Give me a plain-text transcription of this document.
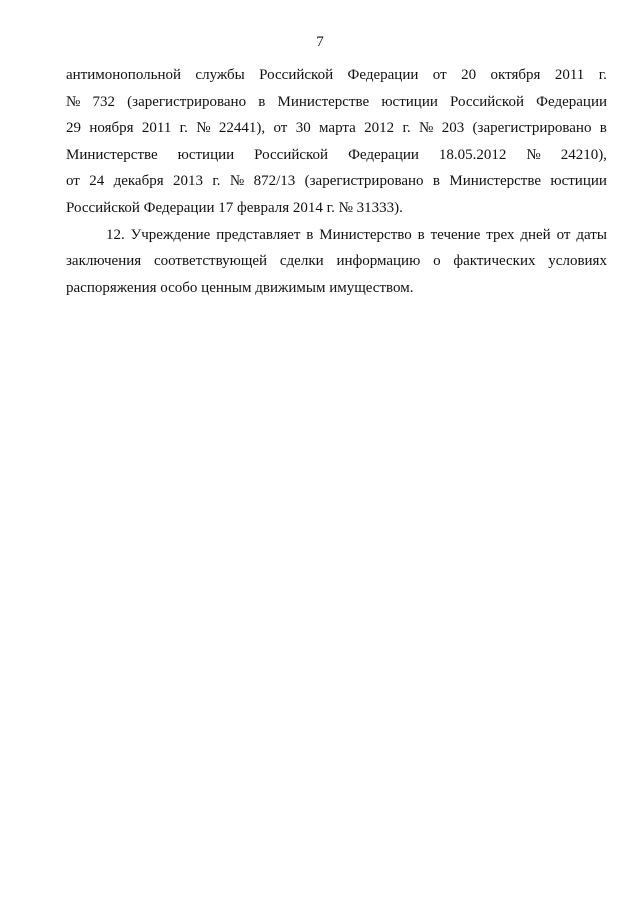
7

антимонопольной службы Российской Федерации от 20 октября 2011 г.
№ 732 (зарегистрировано в Министерстве юстиции Российской Федерации
29 ноября 2011 г. № 22441), от 30 марта 2012 г. № 203 (зарегистрировано в
Министерстве юстиции Российской Федерации 18.05.2012 № 24210),
от 24 декабря 2013 г. № 872/13 (зарегистрировано в Министерстве юстиции
Российской Федерации 17 февраля 2014 г. № 31333).

12. Учреждение представляет в Министерство в течение трех дней от даты
заключения соответствующей сделки информацию о фактических условиях
распоряжения особо ценным движимым имуществом.
